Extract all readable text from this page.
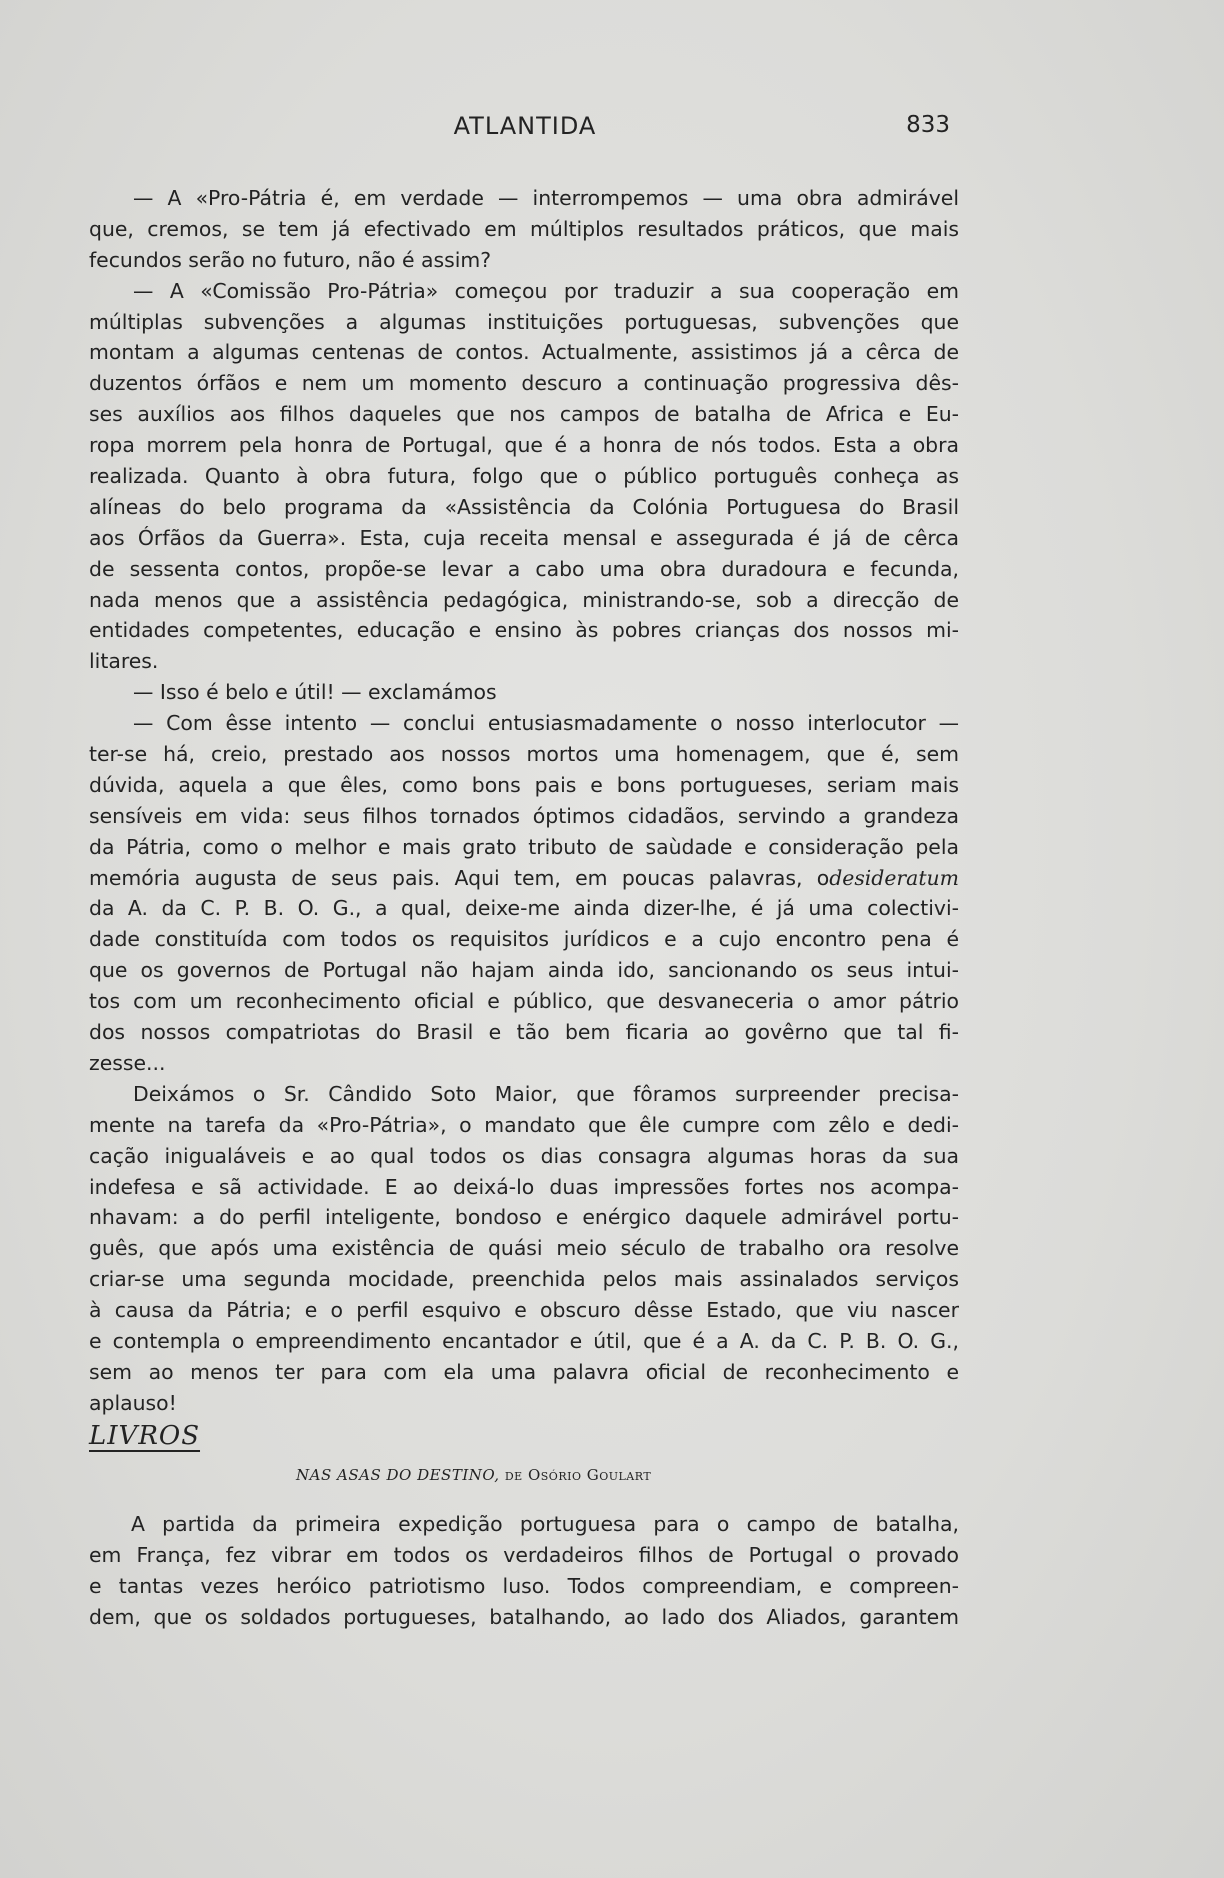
ATLANTIDA	833
— A «Pro-Pátria é, em verdade — interrompemos — uma obra admirável
que, cremos, se tem já efectivado em múltiplos resultados práticos, que mais
fecundos serão no futuro, não é assim?
— A «Comissão Pro-Pátria» começou por traduzir a sua cooperação em
múltiplas subvenções a algumas instituições portuguesas, subvenções que
montam a algumas centenas de contos. Actualmente, assistimos já a cêrca de
duzentos órfãos e nem um momento descuro a continuação progressiva dês-
ses auxílios aos filhos daqueles que nos campos de batalha de Africa e Eu-
ropa morrem pela honra de Portugal, que é a honra de nós todos. Esta a obra
realizada. Quanto à obra futura, folgo que o público português conheça as
alíneas do belo programa da «Assistência da Colónia Portuguesa do Brasil
aos Órfãos da Guerra». Esta, cuja receita mensal e assegurada é já de cêrca
de sessenta contos, propõe-se levar a cabo uma obra duradoura e fecunda,
nada menos que a assistência pedagógica, ministrando-se, sob a direcção de
entidades competentes, educação e ensino às pobres crianças dos nossos mi-
litares.
— Isso é belo e útil! — exclamámos
— Com êsse intento — conclui entusiasmadamente o nosso interlocutor —
ter-se há, creio, prestado aos nossos mortos uma homenagem, que é, sem
dúvida, aquela a que êles, como bons pais e bons portugueses, seriam mais
sensíveis em vida: seus filhos tornados óptimos cidadãos, servindo a grandeza
da Pátria, como o melhor e mais grato tributo de saùdade e consideração pela
memória augusta de seus pais. Aqui tem, em poucas palavras, odesideratum
da A. da C. P. B. O. G., a qual, deixe-me ainda dizer-lhe, é já uma colectivi-
dade constituída com todos os requisitos jurídicos e a cujo encontro pena é
que os governos de Portugal não hajam ainda ido, sancionando os seus intui-
tos com um reconhecimento oficial e público, que desvaneceria o amor pátrio
dos nossos compatriotas do Brasil e tão bem ficaria ao govêrno que tal fi-
zesse...
Deixámos o Sr. Cândido Soto Maior, que fôramos surpreender precisa-
mente na tarefa da «Pro-Pátria», o mandato que êle cumpre com zêlo e dedi-
cação inigualáveis e ao qual todos os dias consagra algumas horas da sua
indefesa e sã actividade. E ao deixá-lo duas impressões fortes nos acompa-
nhavam: a do perfil inteligente, bondoso e enérgico daquele admirável portu-
guês, que após uma existência de quási meio século de trabalho ora resolve
criar-se uma segunda mocidade, preenchida pelos mais assinalados serviços
à causa da Pátria; e o perfil esquivo e obscuro dêsse Estado, que viu nascer
e contempla o empreendimento encantador e útil, que é a A. da C. P. B. O. G.,
sem ao menos ter para com ela uma palavra oficial de reconhecimento e
aplauso!
LIVROS
NAS ASAS DO DESTINO, de Osório Goulart
A partida da primeira expedição portuguesa para o campo de batalha,
em França, fez vibrar em todos os verdadeiros filhos de Portugal o provado
e tantas vezes heróico patriotismo luso. Todos compreendiam, e compreen-
dem, que os soldados portugueses, batalhando, ao lado dos Aliados, garantem
